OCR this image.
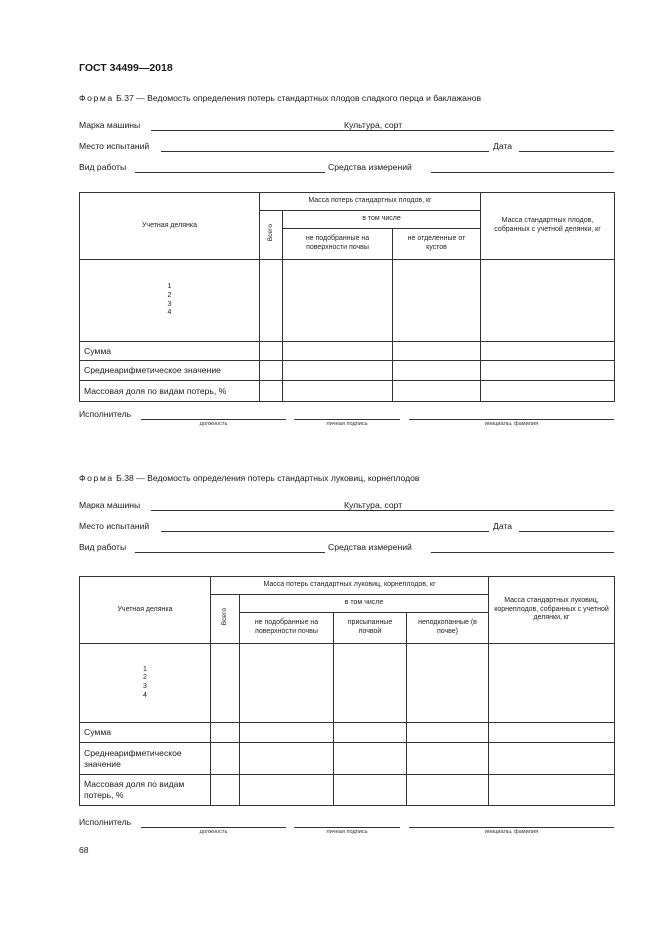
ГОСТ 34499—2018
Форма Б.37 — Ведомость определения потерь стандартных плодов сладкого перца и баклажанов
Марка машины	Культура, сорт
Место испытаний	Дата
Вид работы	Средства измерений
Учетная делянка	Масса потерь стандартных плодов, кг			Масса стандартных плодов, собранных с учетной делянки, кг
	Всего	в том числе		
		не подобранные на поверхности почвы	не отделенные от кустов	

1
2
3
4				

Сумма				
Среднеарифметическое значение				
Массовая доля по видам потерь, %				
Исполнитель
должность	личная подпись	инициалы, фамилия
Форма Б.38 — Ведомость определения потерь стандартных луковиц, корнеплодов
Марка машины	Культура, сорт
Место испытаний	Дата
Вид работы	Средства измерений
Учетная делянка	Масса потерь стандартных луковиц, корнеплодов, кг				Масса стандартных луковиц, корнеплодов, собранных с учетной делянки, кг
	Всего	в том числе			
		не подобранные на поверхности почвы	присыпанные почвой	неподкопанные (в почве)	

1
2
3
4					

Сумма					
Среднеарифметическое значение					
Массовая доля по видам потерь, %					
Исполнитель
должность	личная подпись	инициалы, фамилия
68
